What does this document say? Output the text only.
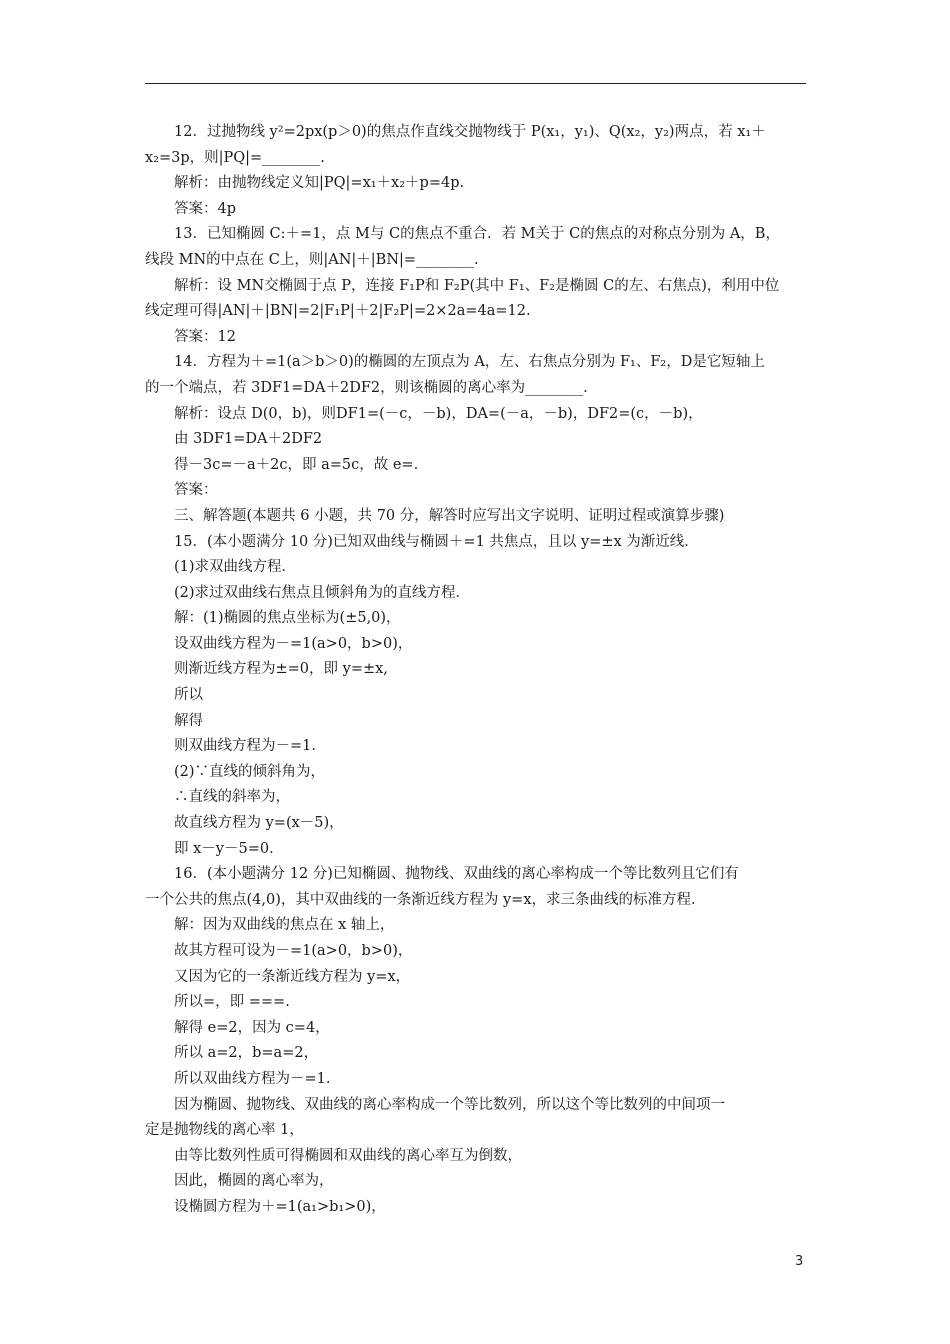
12．过抛物线 y²=2px(p＞0)的焦点作直线交抛物线于 P(x₁，y₁)、Q(x₂，y₂)两点，若 x₁＋
x₂=3p，则|PQ|=________.
解析：由抛物线定义知|PQ|=x₁＋x₂＋p=4p.
答案：4p
13．已知椭圆 C:＋=1，点 M与 C的焦点不重合．若 M关于 C的焦点的对称点分别为 A，B，
线段 MN的中点在 C上，则|AN|＋|BN|=________.
解析：设 MN交椭圆于点 P，连接 F₁P和 F₂P(其中 F₁、F₂是椭圆 C的左、右焦点)，利用中位
线定理可得|AN|＋|BN|=2|F₁P|＋2|F₂P|=2×2a=4a=12.
答案：12
14．方程为＋=1(a＞b＞0)的椭圆的左顶点为 A，左、右焦点分别为 F₁、F₂，D是它短轴上
的一个端点，若 3DF1=DA＋2DF2，则该椭圆的离心率为________.
解析：设点 D(0，b)，则DF1=(－c，－b)，DA=(－a，－b)，DF2=(c，－b)，
由 3DF1=DA＋2DF2
得－3c=－a＋2c，即 a=5c，故 e=.
答案：
三、解答题(本题共 6 小题，共 70 分，解答时应写出文字说明、证明过程或演算步骤)
15．(本小题满分 10 分)已知双曲线与椭圆＋=1 共焦点，且以 y=±x 为渐近线．
(1)求双曲线方程．
(2)求过双曲线右焦点且倾斜角为的直线方程．
解：(1)椭圆的焦点坐标为(±5,0)，
设双曲线方程为－=1(a>0，b>0)，
则渐近线方程为±=0，即 y=±x,
所以
解得
则双曲线方程为－=1.
(2)∵直线的倾斜角为，
∴直线的斜率为，
故直线方程为 y=(x－5)，
即 x－y－5=0.
16．(本小题满分 12 分)已知椭圆、抛物线、双曲线的离心率构成一个等比数列且它们有
一个公共的焦点(4,0)，其中双曲线的一条渐近线方程为 y=x，求三条曲线的标准方程．
解：因为双曲线的焦点在 x 轴上，
故其方程可设为－=1(a>0，b>0)，
又因为它的一条渐近线方程为 y=x，
所以=，即 ===.
解得 e=2，因为 c=4，
所以 a=2，b=a=2，
所以双曲线方程为－=1.
因为椭圆、抛物线、双曲线的离心率构成一个等比数列，所以这个等比数列的中间项一
定是抛物线的离心率 1，
由等比数列性质可得椭圆和双曲线的离心率互为倒数，
因此，椭圆的离心率为，
设椭圆方程为＋=1(a₁>b₁>0)，
3
